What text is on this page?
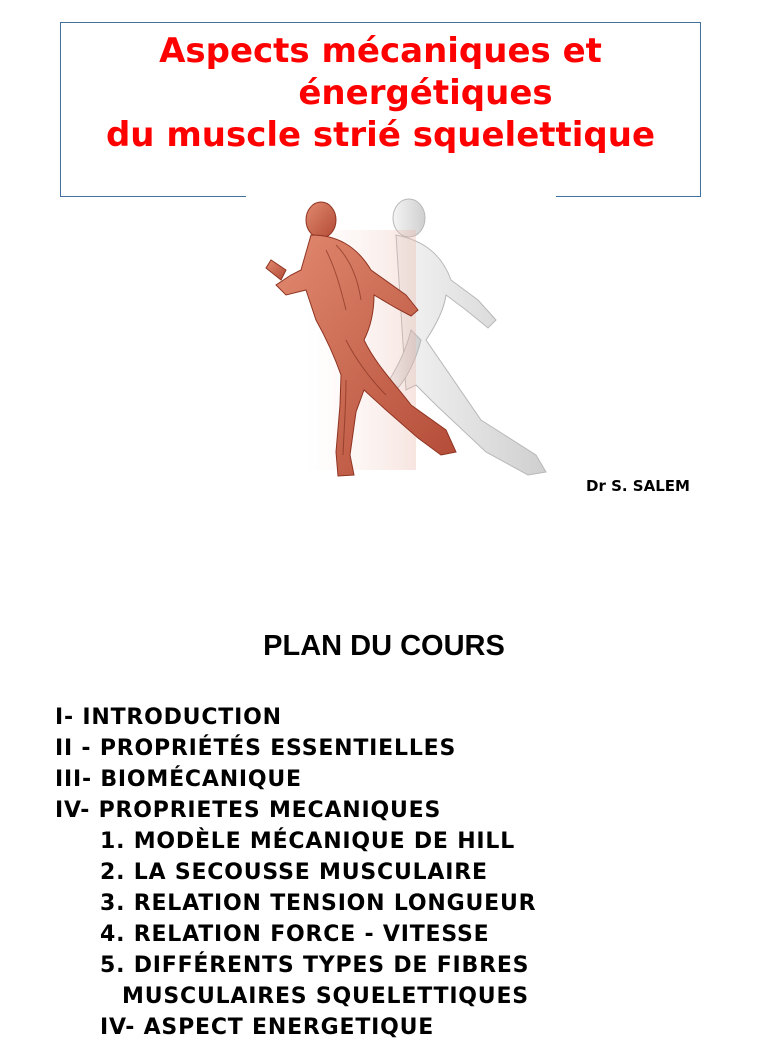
Aspects mécaniques et
énergétiques
du muscle strié squelettique

Dr S. SALEM

PLAN DU COURS
I- INTRODUCTION
II - PROPRIÉTÉS ESSENTIELLES
III- BIOMÉCANIQUE
IV- PROPRIETES MECANIQUES
1. MODÈLE MÉCANIQUE DE HILL
2. LA SECOUSSE MUSCULAIRE
3. RELATION TENSION LONGUEUR
4. RELATION FORCE - VITESSE
5. DIFFÉRENTS TYPES DE FIBRES
MUSCULAIRES SQUELETTIQUES
IV- ASPECT ENERGETIQUE
